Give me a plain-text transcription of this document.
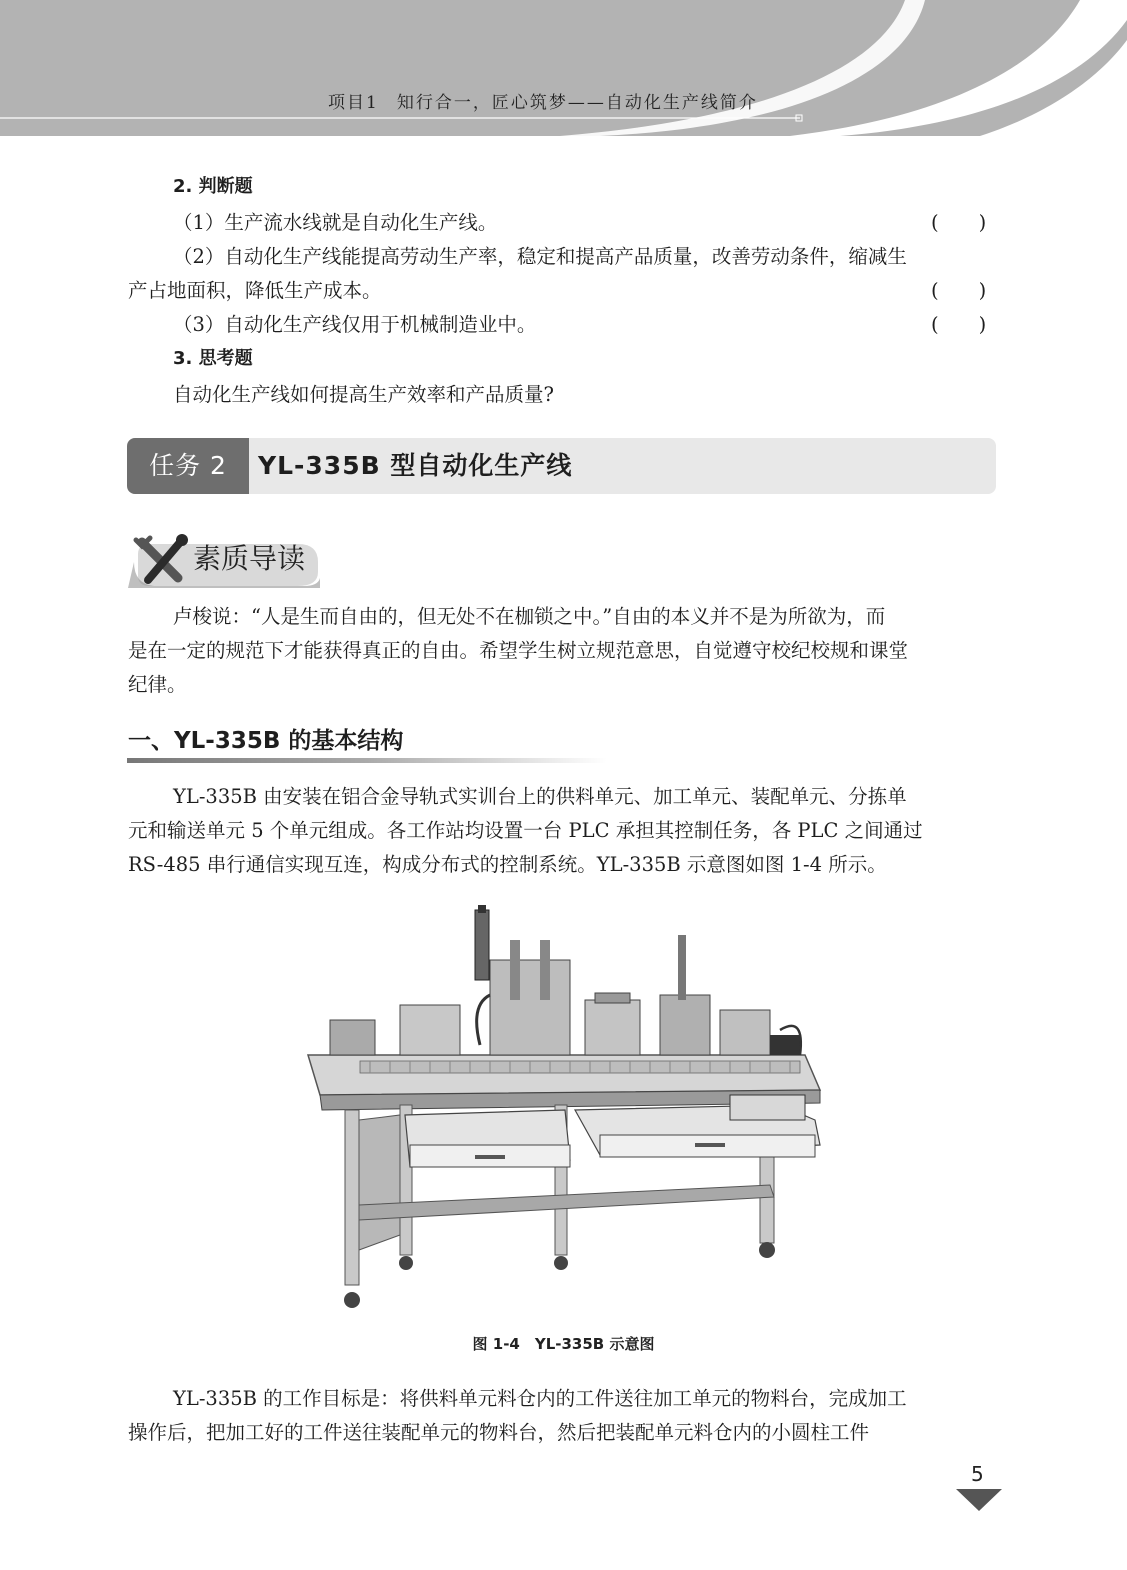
项目1 知行合一，匠心筑梦——自动化生产线简介
2. 判断题
（1）生产流水线就是自动化生产线。	( )
（2）自动化生产线能提高劳动生产率，稳定和提高产品质量，改善劳动条件，缩减生
产占地面积，降低生产成本。	( )
（3）自动化生产线仅用于机械制造业中。	( )
3. 思考题
自动化生产线如何提高生产效率和产品质量?
任务 2	YL-335B 型自动化生产线
素质导读
卢梭说：“人是生而自由的，但无处不在枷锁之中。”自由的本义并不是为所欲为，而
是在一定的规范下才能获得真正的自由。希望学生树立规范意思，自觉遵守校纪校规和课堂
纪律。
一、YL-335B 的基本结构
YL-335B 由安装在铝合金导轨式实训台上的供料单元、加工单元、装配单元、分拣单
元和输送单元 5 个单元组成。各工作站均设置一台 PLC 承担其控制任务，各 PLC 之间通过
RS-485 串行通信实现互连，构成分布式的控制系统。YL-335B 示意图如图 1-4 所示。
图 1-4　YL-335B 示意图
YL-335B 的工作目标是：将供料单元料仓内的工件送往加工单元的物料台，完成加工
操作后，把加工好的工件送往装配单元的物料台，然后把装配单元料仓内的小圆柱工件
5
